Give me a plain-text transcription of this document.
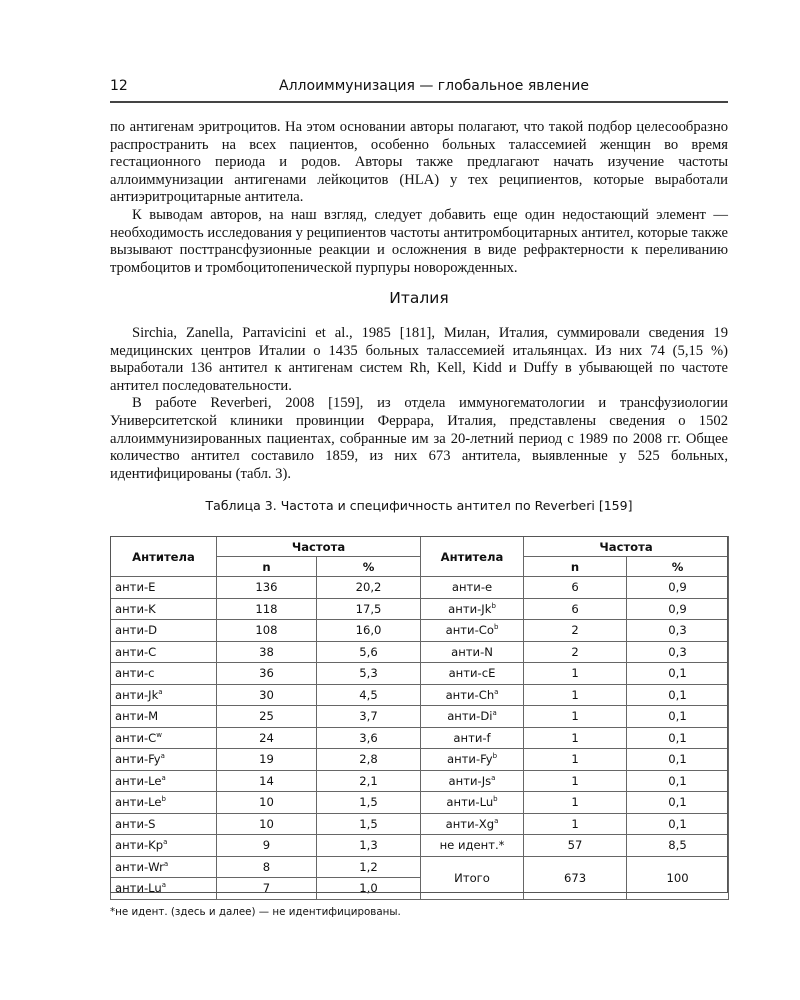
12	Аллоиммунизация — глобальное явление

по антигенам эритроцитов. На этом основании авторы полагают, что такой подбор целесообразно распространить на всех пациентов, особенно больных талассемией женщин во время гестационного периода и родов. Авторы также предлагают начать изучение частоты аллоиммунизации антигенами лейкоцитов (HLA) у тех реципиентов, которые выработали антиэритроцитарные антитела.

К выводам авторов, на наш взгляд, следует добавить еще один недостающий элемент — необходимость исследования у реципиентов частоты антитромбоцитарных антител, которые также вызывают посттрансфузионные реакции и осложнения в виде рефрактерности к переливанию тромбоцитов и тромбоцитопенической пурпуры новорожденных.

Италия

Sirchia, Zanella, Parravicini et al., 1985 [181], Милан, Италия, суммировали сведения 19 медицинских центров Италии о 1435 больных талассемией итальянцах. Из них 74 (5,15 %) выработали 136 антител к антигенам систем Rh, Kell, Kidd и Duffy в убывающей по частоте антител последовательности.

В работе Reverberi, 2008 [159], из отдела иммуногематологии и трансфузиологии Университетской клиники провинции Феррара, Италия, представлены сведения о 1502 аллоиммунизированных пациентах, собранные им за 20-летний период с 1989 по 2008 гг. Общее количество антител составило 1859, из них 673 антитела, выявленные у 525 больных, идентифицированы (табл. 3).

Таблица 3. Частота и специфичность антител по Reverberi [159]
Антитела	Частота		Антитела	Частота	
	n	%		n	%
анти-E	136	20,2	анти-e	6	0,9
анти-K	118	17,5	анти-Jk$^b$	6	0,9
анти-D	108	16,0	анти-Co$^b$	2	0,3
анти-C	38	5,6	анти-N	2	0,3
анти-c	36	5,3	анти-cE	1	0,1
анти-Jk$^a$	30	4,5	анти-Ch$^a$	1	0,1
анти-M	25	3,7	анти-Di$^a$	1	0,1
анти-$C^w$	24	3,6	анти-f	1	0,1
анти-Fy$^a$	19	2,8	анти-Fy$^b$	1	0,1
анти-Le$^a$	14	2,1	анти-Js$^a$	1	0,1
анти-Le$^b$	10	1,5	анти-Lu$^b$	1	0,1
анти-S	10	1,5	анти-Xg$^a$	1	0,1
анти-Kp$^a$	9	1,3	не идент.*	57	8,5
анти-Wr$^a$	8	1,2	Итого	673	100
анти-Lu$^a$	7	1,0			
*не идент. (здесь и далее) — не идентифицированы.
